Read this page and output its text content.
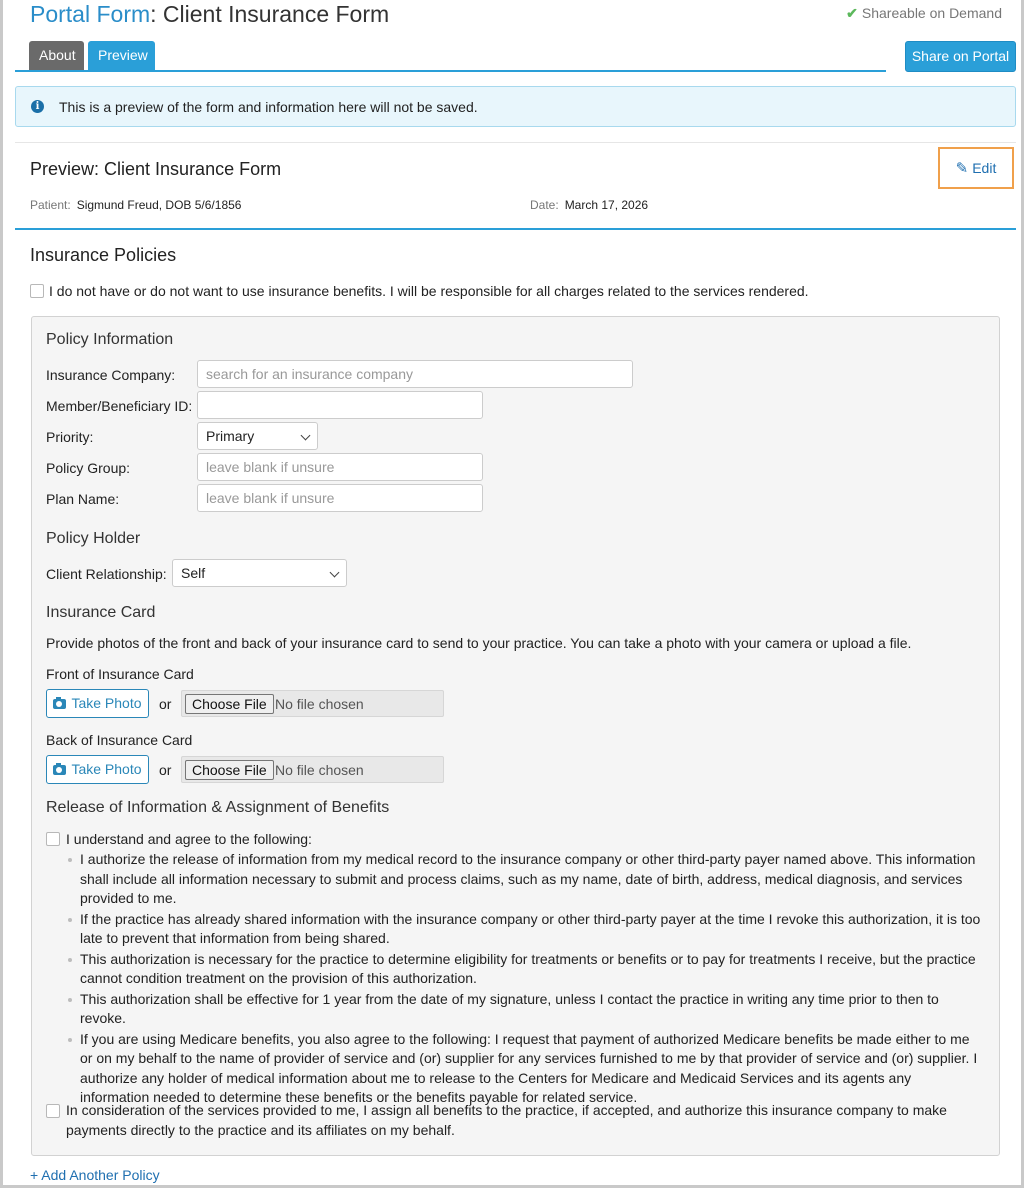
Portal Form: Client Insurance Form	✔ Shareable on Demand
About	Preview	Share on Portal
i	This is a preview of the form and information here will not be saved.
Preview: Client Insurance Form
Patient: Sigmund Freud, DOB 5/6/1856	Date: March 17, 2026
✎ Edit
Insurance Policies
I do not have or do not want to use insurance benefits. I will be responsible for all charges related to the services rendered.
Policy Information
Insurance Company:
search for an insurance company
Member/Beneficiary ID:
Priority:	Primary
Policy Group:
leave blank if unsure
Plan Name:
leave blank if unsure
Policy Holder
Client Relationship:	Self
Insurance Card
Provide photos of the front and back of your insurance card to send to your practice. You can take a photo with your camera or upload a file.
Front of Insurance Card
Take Photo	or	Choose File No file chosen
Back of Insurance Card
Take Photo	or	Choose File No file chosen
Release of Information & Assignment of Benefits
I understand and agree to the following:
I authorize the release of information from my medical record to the insurance company or other third-party payer named above. This information shall include all information necessary to submit and process claims, such as my name, date of birth, address, medical diagnosis, and services provided to me.
If the practice has already shared information with the insurance company or other third-party payer at the time I revoke this authorization, it is too late to prevent that information from being shared.
This authorization is necessary for the practice to determine eligibility for treatments or benefits or to pay for treatments I receive, but the practice cannot condition treatment on the provision of this authorization.
This authorization shall be effective for 1 year from the date of my signature, unless I contact the practice in writing any time prior to then to revoke.
If you are using Medicare benefits, you also agree to the following: I request that payment of authorized Medicare benefits be made either to me or on my behalf to the name of provider of service and (or) supplier for any services furnished to me by that provider of service and (or) supplier. I authorize any holder of medical information about me to release to the Centers for Medicare and Medicaid Services and its agents any information needed to determine these benefits or the benefits payable for related service.
In consideration of the services provided to me, I assign all benefits to the practice, if accepted, and authorize this insurance company to make payments directly to the practice and its affiliates on my behalf.
+ Add Another Policy
